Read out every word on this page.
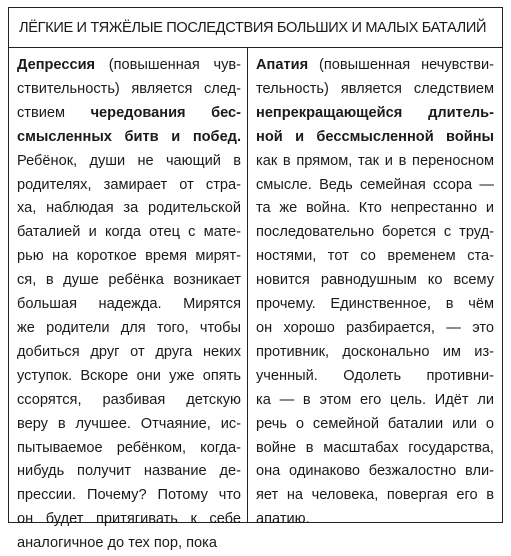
ЛЁГКИЕ И ТЯЖЁЛЫЕ ПОСЛЕДСТВИЯ БОЛЬШИХ И МАЛЫХ БАТАЛИЙ
Депрессия (повышенная чув-
ствительность) является след-
ствием чередования бес-
смысленных битв и побед.
Ребёнок, души не чающий в
родителях, замирает от стра-
ха, наблюдая за родительской
баталией и когда отец с мате-
рью на короткое время мирят-
ся, в душе ребёнка возникает
большая надежда. Мирятся
же родители для того, чтобы
добиться друг от друга неких
уступок. Вскоре они уже опять
ссорятся, разбивая детскую
веру в лучшее. Отчаяние, ис-
пытываемое ребёнком, когда-
нибудь получит название де-
прессии. Почему? Потому что
он будет притягивать к себе
аналогичное до тех пор, пока
Апатия (повышенная нечувстви-
тельность) является следствием
непрекращающейся длитель-
ной и бессмысленной войны
как в прямом, так и в переносном
смысле. Ведь семейная ссора —
та же война. Кто непрестанно и
последовательно борется с труд-
ностями, тот со временем ста-
новится равнодушным ко всему
прочему. Единственное, в чём
он хорошо разбирается, — это
противник, досконально им из-
ученный. Одолеть противни-
ка — в этом его цель. Идёт ли
речь о семейной баталии или о
войне в масштабах государства,
она одинаково безжалостно вли-
яет на человека, повергая его в
апатию.
